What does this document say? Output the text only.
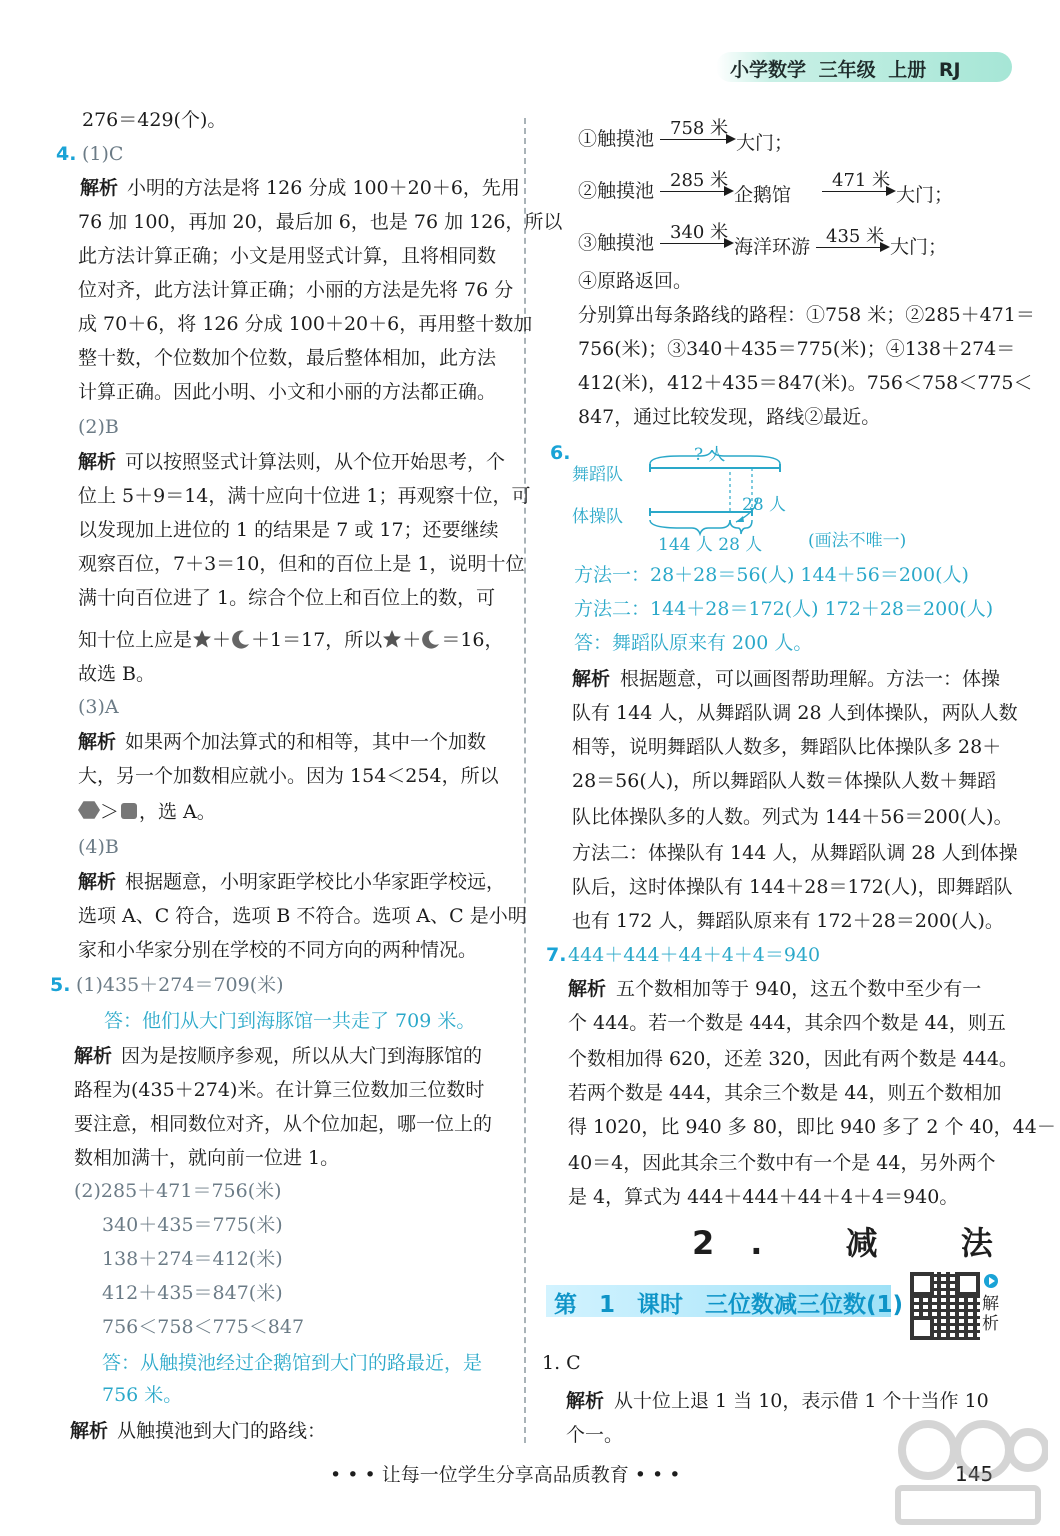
小学数学 三年级 上册 RJ
276＝429(个)。
4. (1)C
解析 小明的方法是将 126 分成 100＋20＋6，先用
76 加 100，再加 20，最后加 6，也是 76 加 126，所以
此方法计算正确；小文是用竖式计算，且将相同数
位对齐，此方法计算正确；小丽的方法是先将 76 分
成 70＋6，将 126 分成 100＋20＋6，再用整十数加
整十数，个位数加个位数，最后整体相加，此方法
计算正确。因此小明、小文和小丽的方法都正确。
(2)B
解析 可以按照竖式计算法则，从个位开始思考，个
位上 5＋9＝14，满十应向十位进 1；再观察十位，可
以发现加上进位的 1 的结果是 7 或 17；还要继续
观察百位，7＋3＝10，但和的百位上是 1，说明十位
满十向百位进了 1。综合个位上和百位上的数，可
知十位上应是 ＋ ＋1＝17，所以 ＋ ＝16，
故选 B。
(3)A
解析 如果两个加法算式的和相等，其中一个加数
大，另一个加数相应就小。因为 154＜254，所以
＞ ，选 A。
(4)B
解析 根据题意，小明家距学校比小华家距学校远，
选项 A、C 符合，选项 B 不符合。选项 A、C 是小明
家和小华家分别在学校的不同方向的两种情况。
5. (1)435＋274＝709(米)
答：他们从大门到海豚馆一共走了 709 米。
解析 因为是按顺序参观，所以从大门到海豚馆的
路程为(435＋274)米。在计算三位数加三位数时
要注意，相同数位对齐，从个位加起，哪一位上的
数相加满十，就向前一位进 1。
(2)285＋471＝756(米)
340＋435＝775(米)
138＋274＝412(米)
412＋435＝847(米)
756＜758＜775＜847
答：从触摸池经过企鹅馆到大门的路最近，是
756 米。
解析 从触摸池到大门的路线：
①触摸池 758 米
大门；
②触摸池 285 米
企鹅馆
471 米
大门；
③触摸池 340 米
海洋环游 435 米 大门；
④原路返回。
分别算出每条路线的路程：①758 米；②285＋471＝
756(米)；③340＋435＝775(米)；④138＋274＝
412(米)，412＋435＝847(米)。756＜758＜775＜
847，通过比较发现，路线②最近。
6.	? 人
舞蹈队
体操队
28 人
144 人 28 人	(画法不唯一)
方法一：28＋28＝56(人) 144＋56＝200(人)
方法二：144＋28＝172(人) 172＋28＝200(人)
答：舞蹈队原来有 200 人。
解析 根据题意，可以画图帮助理解。方法一：体操
队有 144 人，从舞蹈队调 28 人到体操队，两队人数
相等，说明舞蹈队人数多，舞蹈队比体操队多 28＋
28＝56(人)，所以舞蹈队人数＝体操队人数＋舞蹈
队比体操队多的人数。列式为 144＋56＝200(人)。
方法二：体操队有 144 人，从舞蹈队调 28 人到体操
队后，这时体操队有 144＋28＝172(人)，即舞蹈队
也有 172 人，舞蹈队原来有 172＋28＝200(人)。
7. 444＋444＋44＋4＋4＝940
解析 五个数相加等于 940，这五个数中至少有一
个 444。若一个数是 444，其余四个数是 44，则五
个数相加得 620，还差 320，因此有两个数是 444。
若两个数是 444，其余三个数是 44，则五个数相加
得 1020，比 940 多 80，即比 940 多了 2 个 40，44－
40＝4，因此其余三个数中有一个是 44，另外两个
是 4，算式为 444＋444＋44＋4＋4＝940。
2. 减 法
第 1 课时 三位数减三位数(1)	解析
1. C
解析 从十位上退 1 当 10，表示借 1 个十当作 10
个一。
• • • 让每一位学生分享高品质教育 • • •	145
